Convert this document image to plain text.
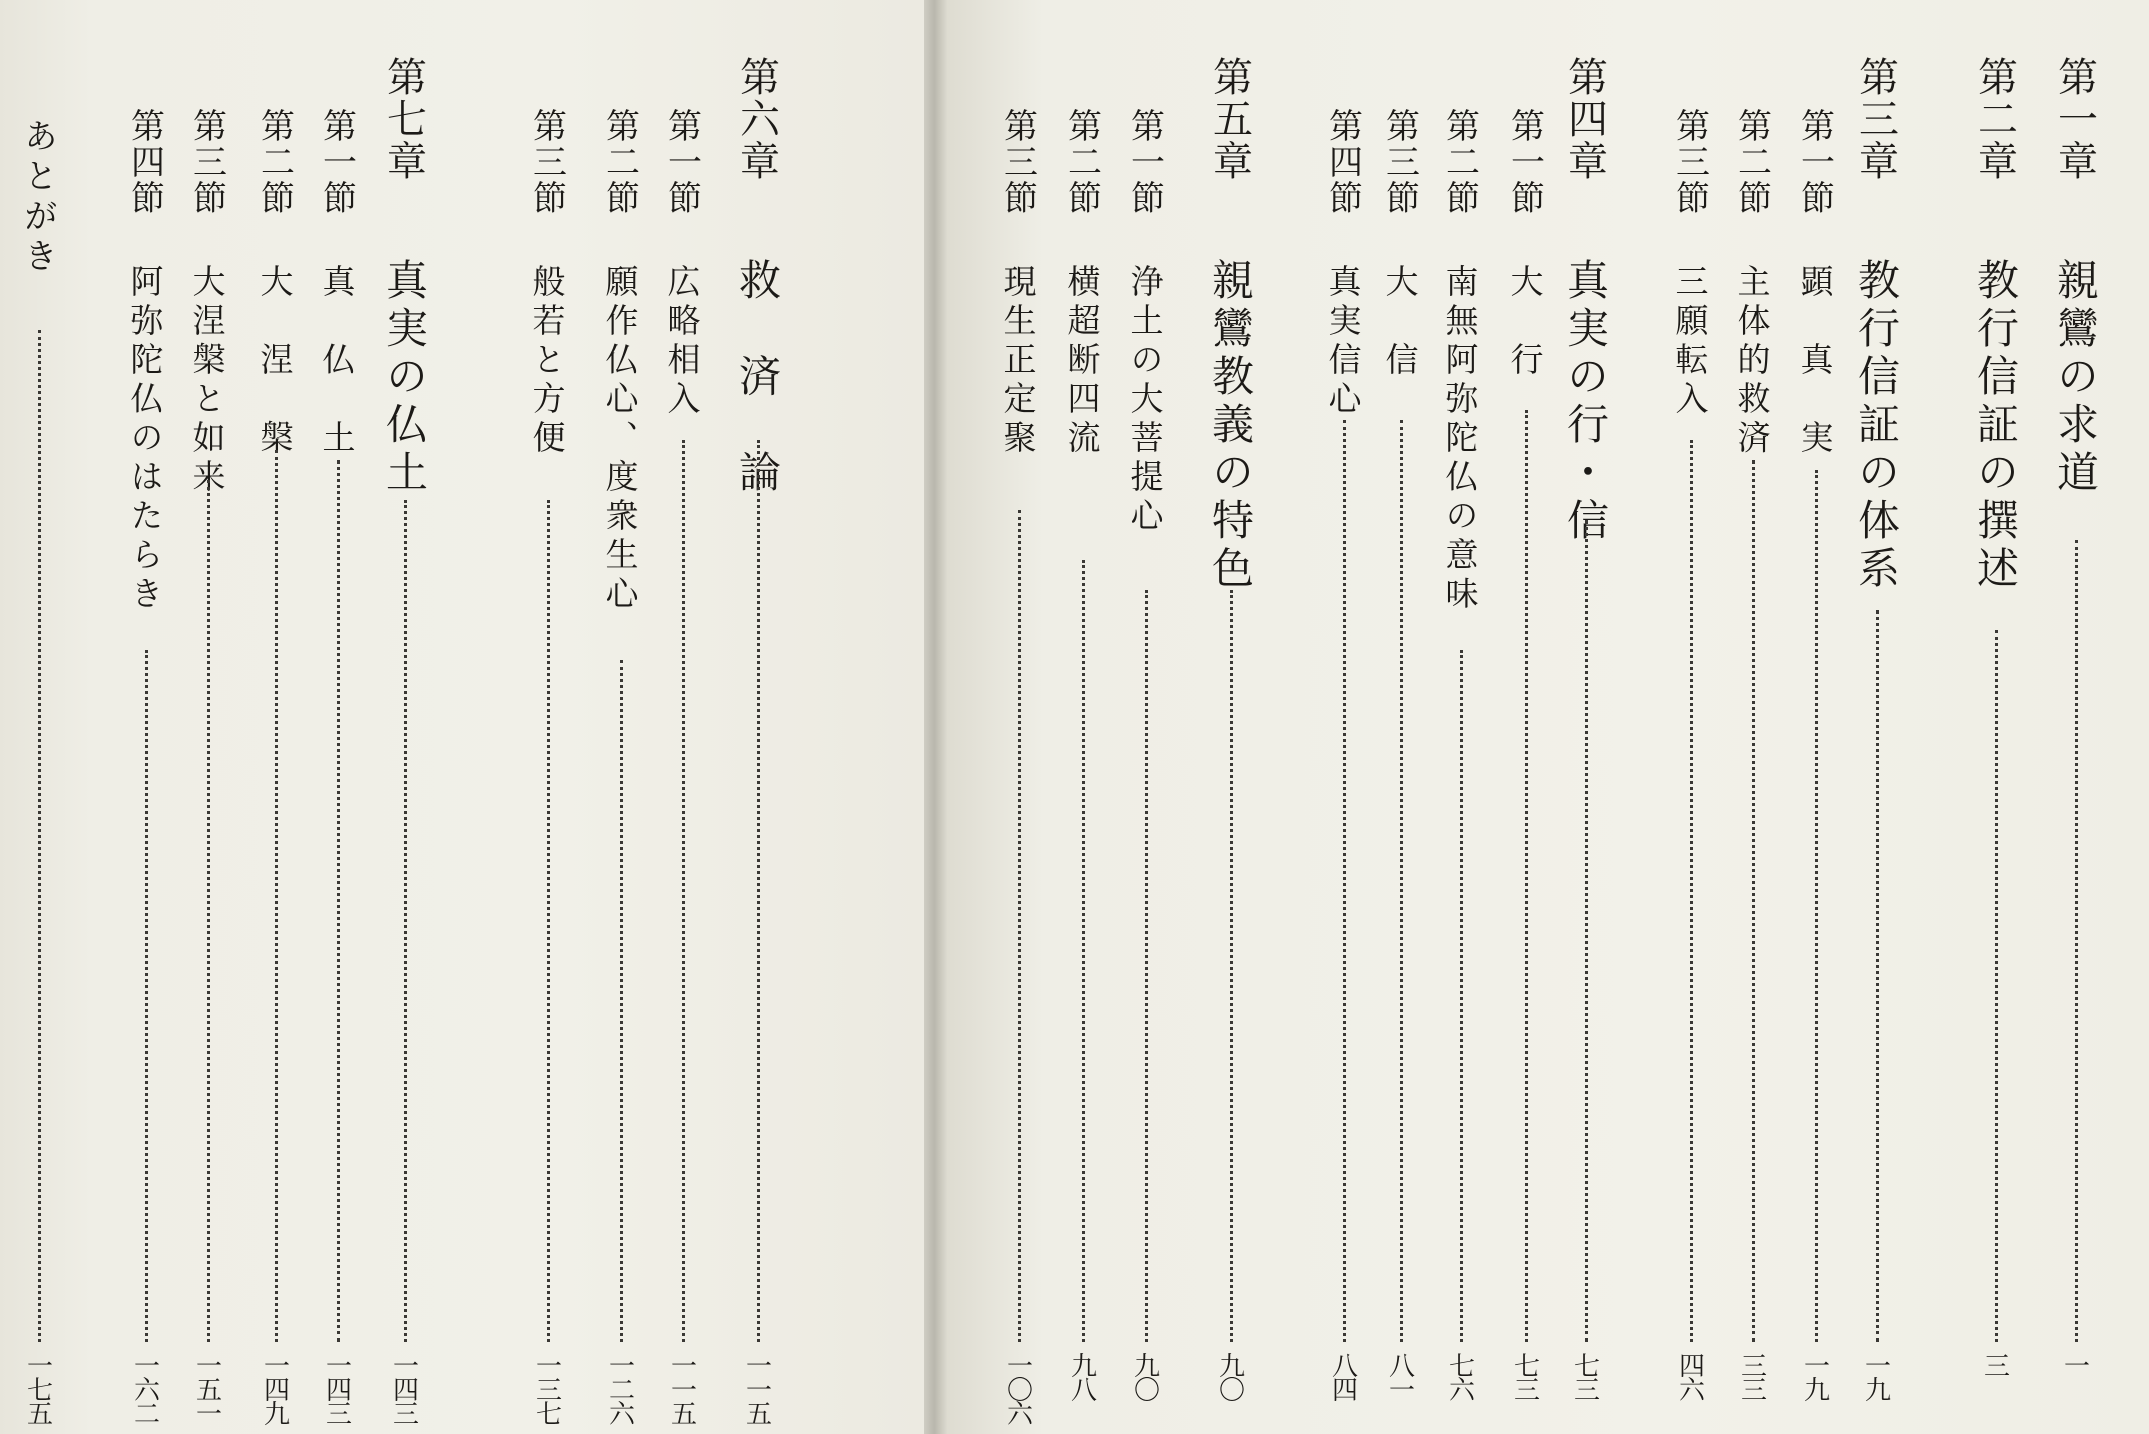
第一章
親鸞の求道
一
第二章
教行信証の撰述
三
第三章
教行信証の体系
一九
第一節
顕　真　実
一九
第二節
主体的救済
三三
第三節
三願転入
四六
第四章
真実の行・信
七三
第一節
大　行
七三
第二節
南無阿弥陀仏の意味
七六
第三節
大　信
八一
第四節
真実信心
八四
第五章
親鸞教義の特色
九〇
第一節
浄土の大菩提心
九〇
第二節
横超断四流
九八
第三節
現生正定聚
一〇六
第六章
救　済　論
一一五
第一節
広略相入
一一五
第二節
願作仏心、度衆生心
一二六
第三節
般若と方便
一三七
第七章
真実の仏土
一四三
第一節
真　仏　土
一四三
第二節
大　涅　槃
一四九
第三節
大涅槃と如来
一五一
第四節
阿弥陀仏のはたらき
一六二
あとがき
一七五
